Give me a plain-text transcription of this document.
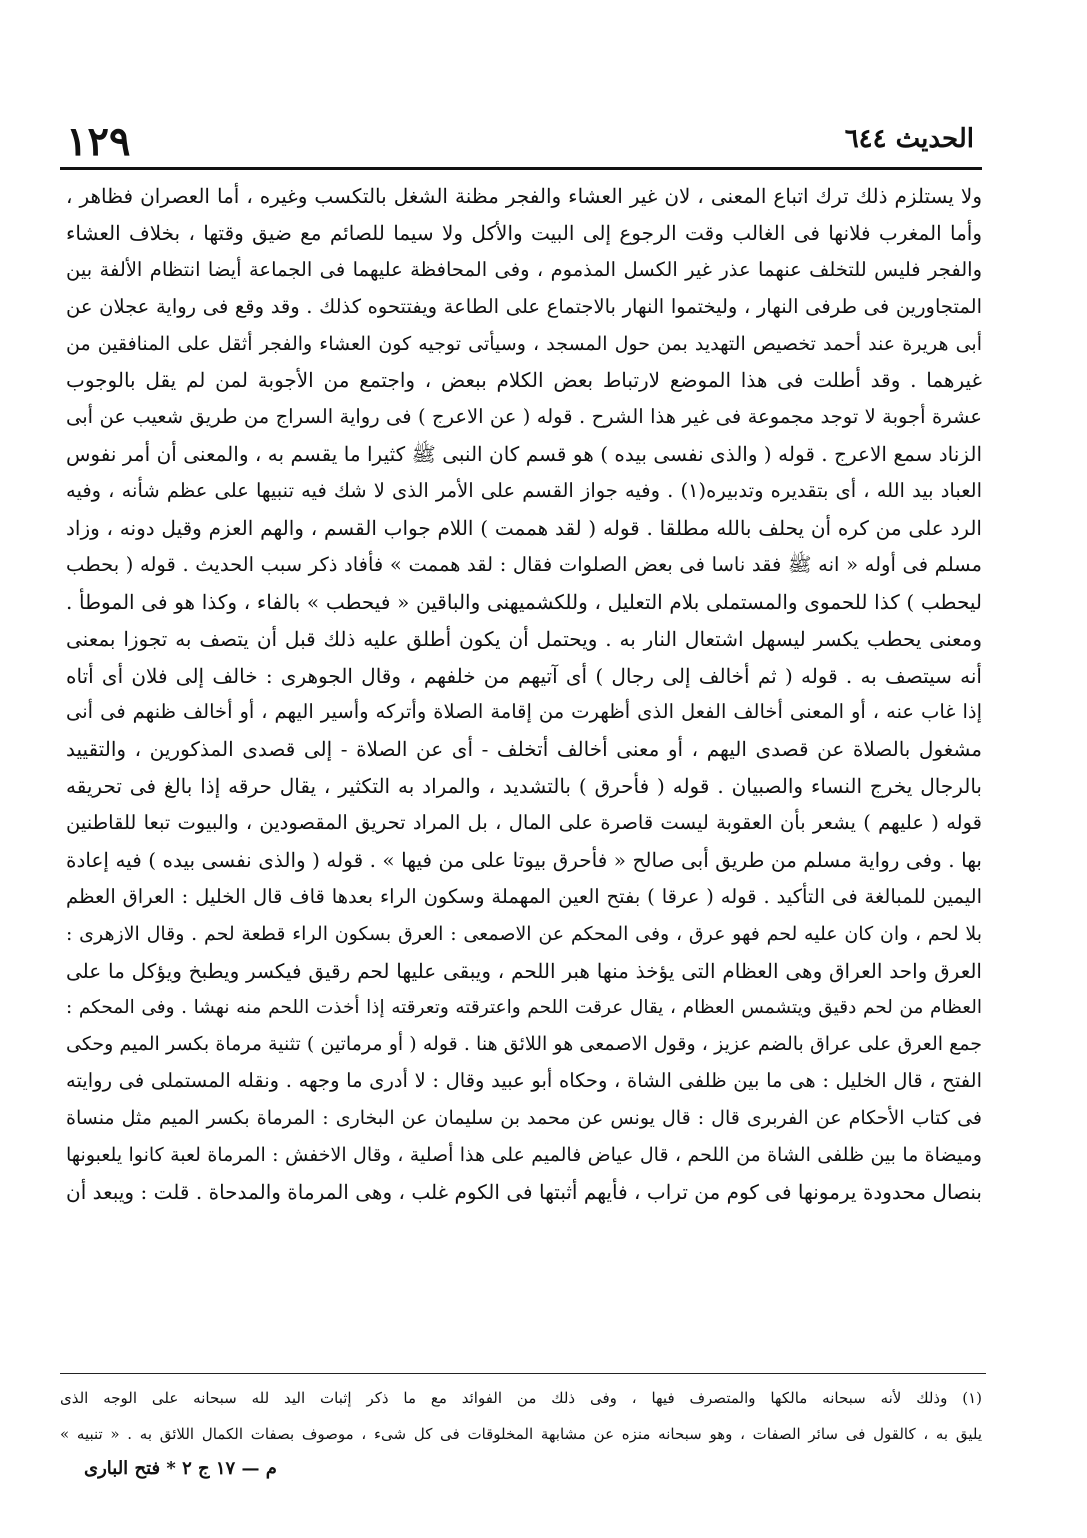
الحديث ٦٤٤
١٢٩
ولا يستلزم ذلك ترك اتباع المعنى ، لان غير العشاء والفجر مظنة الشغل بالتكسب وغيره ، أما العصران فظاهر ،
وأما المغرب فلانها فى الغالب وقت الرجوع إلى البيت والأكل ولا سيما للصائم مع ضيق وقتها ، بخلاف العشاء
والفجر فليس للتخلف عنهما عذر غير الكسل المذموم ، وفى المحافظة عليهما فى الجماعة أيضا انتظام الألفة بين
المتجاورين فى طرفى النهار ، وليختموا النهار بالاجتماع على الطاعة ويفتتحوه كذلك . وقد وقع فى رواية عجلان عن
أبى هريرة عند أحمد تخصيص التهديد بمن حول المسجد ، وسيأتى توجيه كون العشاء والفجر أثقل على المنافقين من
غيرهما . وقد أطلت فى هذا الموضع لارتباط بعض الكلام ببعض ، واجتمع من الأجوبة لمن لم يقل بالوجوب
عشرة أجوبة لا توجد مجموعة فى غير هذا الشرح . قوله ( عن الاعرج ) فى رواية السراج من طريق شعيب عن أبى
الزناد سمع الاعرج . قوله ( والذى نفسى بيده ) هو قسم كان النبى ﷺ كثيرا ما يقسم به ، والمعنى أن أمر نفوس
العباد بيد الله ، أى بتقديره وتدبيره(١) . وفيه جواز القسم على الأمر الذى لا شك فيه تنبيها على عظم شأنه ، وفيه
الرد على من كره أن يحلف بالله مطلقا . قوله ( لقد هممت ) اللام جواب القسم ، والهم العزم وقيل دونه ، وزاد
مسلم فى أوله « انه ﷺ فقد ناسا فى بعض الصلوات فقال : لقد هممت » فأفاد ذكر سبب الحديث . قوله ( بحطب
ليحطب ) كذا للحموى والمستملى بلام التعليل ، وللكشميهنى والباقين « فيحطب » بالفاء ، وكذا هو فى الموطأ .
ومعنى يحطب يكسر ليسهل اشتعال النار به . ويحتمل أن يكون أطلق عليه ذلك قبل أن يتصف به تجوزا بمعنى
أنه سيتصف به . قوله ( ثم أخالف إلى رجال ) أى آتيهم من خلفهم ، وقال الجوهرى : خالف إلى فلان أى أتاه
إذا غاب عنه ، أو المعنى أخالف الفعل الذى أظهرت من إقامة الصلاة وأتركه وأسير اليهم ، أو أخالف ظنهم فى أنى
مشغول بالصلاة عن قصدى اليهم ، أو معنى أخالف أتخلف - أى عن الصلاة - إلى قصدى المذكورين ، والتقييد
بالرجال يخرج النساء والصبيان . قوله ( فأحرق ) بالتشديد ، والمراد به التكثير ، يقال حرقه إذا بالغ فى تحريقه
قوله ( عليهم ) يشعر بأن العقوبة ليست قاصرة على المال ، بل المراد تحريق المقصودين ، والبيوت تبعا للقاطنين
بها . وفى رواية مسلم من طريق أبى صالح « فأحرق بيوتا على من فيها » . قوله ( والذى نفسى بيده ) فيه إعادة
اليمين للمبالغة فى التأكيد . قوله ( عرقا ) بفتح العين المهملة وسكون الراء بعدها قاف قال الخليل : العراق العظم
بلا لحم ، وان كان عليه لحم فهو عرق ، وفى المحكم عن الاصمعى : العرق بسكون الراء قطعة لحم . وقال الازهرى :
العرق واحد العراق وهى العظام التى يؤخذ منها هبر اللحم ، ويبقى عليها لحم رقيق فيكسر ويطبخ ويؤكل ما على
العظام من لحم دقيق ويتشمس العظام ، يقال عرقت اللحم واعترقته وتعرقته إذا أخذت اللحم منه نهشا . وفى المحكم :
جمع العرق على عراق بالضم عزيز ، وقول الاصمعى هو اللائق هنا . قوله ( أو مرماتين ) تثنية مرماة بكسر الميم وحكى
الفتح ، قال الخليل : هى ما بين ظلفى الشاة ، وحكاه أبو عبيد وقال : لا أدرى ما وجهه . ونقله المستملى فى روايته
فى كتاب الأحكام عن الفربرى قال : قال يونس عن محمد بن سليمان عن البخارى : المرماة بكسر الميم مثل منساة
وميضاة ما بين ظلفى الشاة من اللحم ، قال عياض فالميم على هذا أصلية ، وقال الاخفش : المرماة لعبة كانوا يلعبونها
بنصال محدودة يرمونها فى كوم من تراب ، فأيهم أثبتها فى الكوم غلب ، وهى المرماة والمدحاة . قلت : ويبعد أن
(١) وذلك لأنه سبحانه مالكها والمتصرف فيها ، وفى ذلك من الفوائد مع ما ذكر إثبات اليد لله سبحانه على الوجه الذى
يليق به ، كالقول فى سائر الصفات ، وهو سبحانه منزه عن مشابهة المخلوقات فى كل شىء ، موصوف بصفات الكمال اللائق به . « تنبيه »
م — ١٧ ج ٢ * فتح البارى
